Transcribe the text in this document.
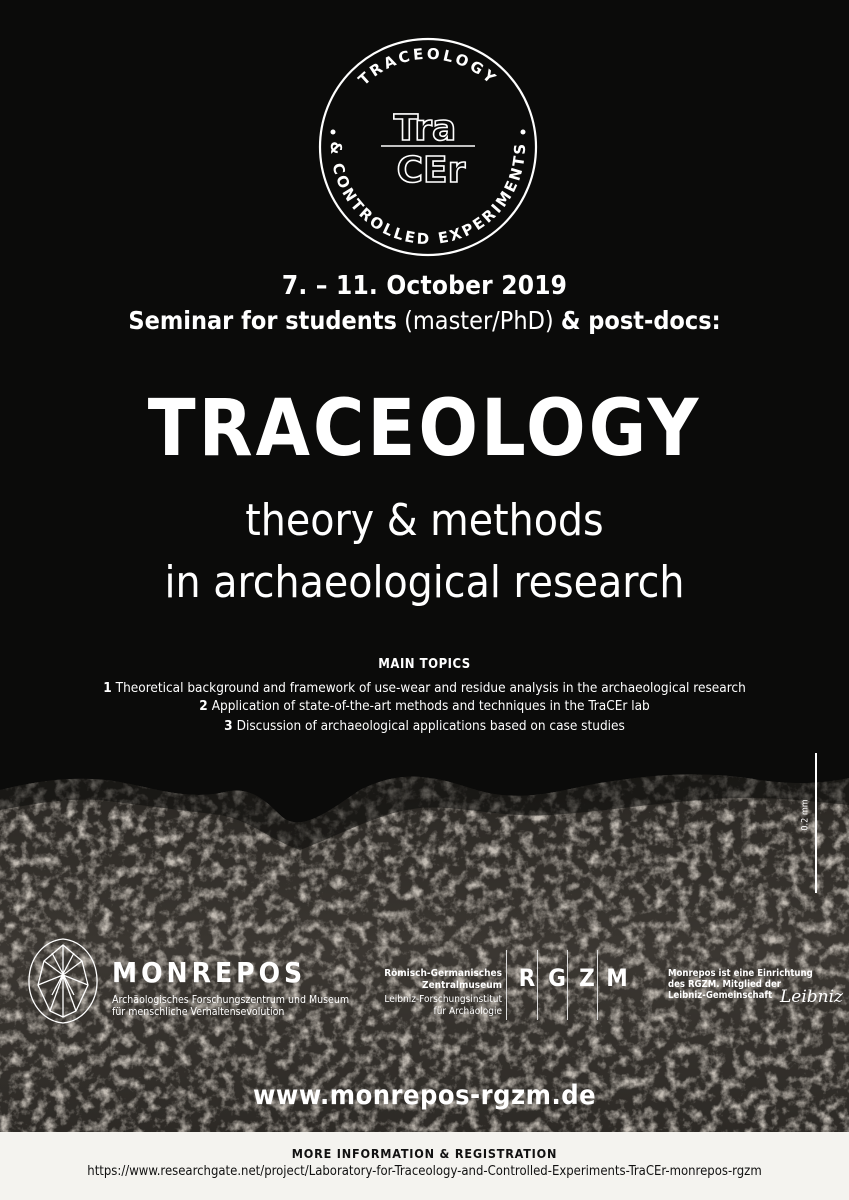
TRACEOLOGY
& CONTROLLED EXPERIMENTS
Tra
CEr
7. – 11. October 2019
Seminar for students (master/PhD) & post-docs:
TRACEOLOGY
theory & methods
in archaeological research
MAIN TOPICS
1 Theoretical background and framework of use-wear and residue analysis in the archaeological research
2 Application of state-of-the-art methods and techniques in the TraCEr lab
3 Discussion of archaeological applications based on case studies
0.2 mm
MONREPOS
Archäologisches Forschungszentrum und Museum
für menschliche Verhaltensevolution
Römisch-Germanisches
Zentralmuseum
Leibniz-Forschungsinstitut
für Archäologie
R G Z M	Monrepos ist eine Einrichtung
des RGZM. Mitglied der
Leibniz-Gemeinschaft Leibniz
www.monrepos-rgzm.de
MORE INFORMATION & REGISTRATION
https://www.researchgate.net/project/Laboratory-for-Traceology-and-Controlled-Experiments-TraCEr-monrepos-rgzm
